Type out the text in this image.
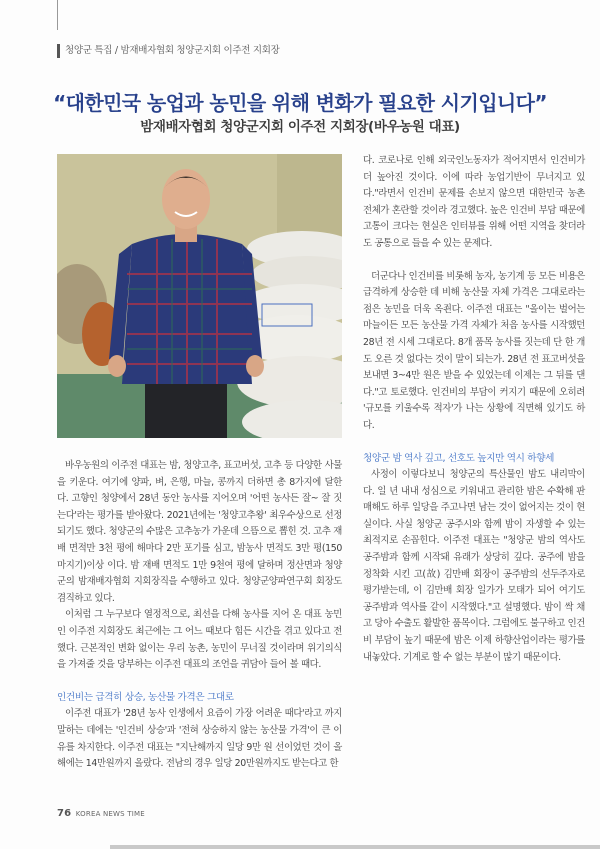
청양군 특집 / 밤재배자협회 청양군지회 이주전 지회장
“대한민국 농업과 농민을 위해 변화가 필요한 시기입니다”
밤재배자협회 청양군지회 이주전 지회장(바우농원 대표)

바우농원의 이주전 대표는 밤, 청양고추, 표고버섯, 고추 등 다양한 사물을 키운다. 여기에 양파, 벼, 은행, 마늘, 콩까지 더하면 총 8가지에 달한다. 고향인 청양에서 28년 동안 농사를 지어오며 '어떤 농사든 잘~ 잘 짓는다'라는 평가를 받아왔다. 2021년에는 '청양고추왕' 최우수상으로 선정되기도 했다. 청양군의 수많은 고추농가 가운데 으뜸으로 뽑힌 것. 고추 재배 면적만 3천 평에 해마다 2만 포기를 심고, 밤농사 면적도 3만 평(150마지기)이상 이다. 밤 재배 면적도 1만 9천여 평에 달하며 정산면과 청양군의 밤재배자협회 지회장직을 수행하고 있다. 청양군양파연구회 회장도 겸직하고 있다.

이처럼 그 누구보다 열정적으로, 최선을 다해 농사를 지어 온 대표 농민인 이주전 지회장도 최근에는 그 어느 때보다 힘든 시간을 겪고 있다고 전했다. 근본적인 변화 없이는 우리 농촌, 농민이 무너질 것이라며 위기의식을 가져줄 것을 당부하는 이주전 대표의 조언을 귀담아 들어 볼 때다.

인건비는 급격히 상승, 농산물 가격은 그대로

이주전 대표가 '28년 농사 인생에서 요즘이 가장 어려운 때다'라고 까지 말하는 데에는 '인건비 상승'과 '전혀 상승하지 않는 농산물 가격'이 큰 이유를 차지한다. 이주전 대표는 "지난해까지 일당 9만 원 선이었던 것이 올해에는 14만원까지 올랐다. 전남의 경우 일당 20만원까지도 받는다고 한

다. 코로나로 인해 외국인노동자가 적어지면서 인건비가 더 높아진 것이다. 이에 따라 농업기반이 무너지고 있다."라면서 인건비 문제를 손보지 않으면 대한민국 농촌 전체가 혼란할 것이라 경고했다. 높은 인건비 부담 때문에 고통이 크다는 현실은 인터뷰를 위해 어떤 지역을 찾더라도 공통으로 들을 수 있는 문제다.

더군다나 인건비를 비롯해 농자, 농기계 등 모든 비용은 급격하게 상승한 데 비해 농산물 자체 가격은 그대로라는 점은 농민을 더욱 옥죈다. 이주전 대표는 "올이는 벌어는 마늘이든 모든 농산물 가격 자체가 처음 농사를 시작했던 28년 전 시세 그대로다. 8개 품목 농사를 짓는데 단 한 개도 오른 것 없다는 것이 말이 되는가. 28년 전 표고버섯을 보내면 3~4만 원은 받을 수 있었는데 이제는 그 뒤를 댄다."고 토로했다. 인건비의 부담이 커지기 때문에 오히려 '규모를 키울수록 적자'가 나는 상황에 직면해 있기도 하다.

청양군 밤 역사 깊고, 선호도 높지만 역시 하향세

사정이 이렇다보니 청양군의 특산물인 밤도 내리막이다. 일 년 내내 성심으로 키워내고 관리한 밤은 수확해 판매해도 하루 일당을 주고나면 남는 것이 없어지는 것이 현실이다. 사실 청양군 공주시와 함께 밤이 자생할 수 있는 최적지로 손꼽힌다. 이주전 대표는 "청양군 밤의 역사도 공주밤과 함께 시작돼 유래가 상당히 깊다. 공주에 밤을 정착화 시킨 고(故) 김만배 회장이 공주밤의 선두주자로 평가받는데, 이 김만배 회장 일가가 모태가 되어 여기도 공주밤과 역사를 같이 시작했다."고 설명했다. 밤이 싹 채고 당아 수출도 활발한 품목이다. 그럼에도 불구하고 인건비 부담이 높기 때문에 밤은 이제 하향산업이라는 평가를 내놓았다. 기계로 할 수 없는 부분이 많기 때문이다.

76 KOREA NEWS TIME
